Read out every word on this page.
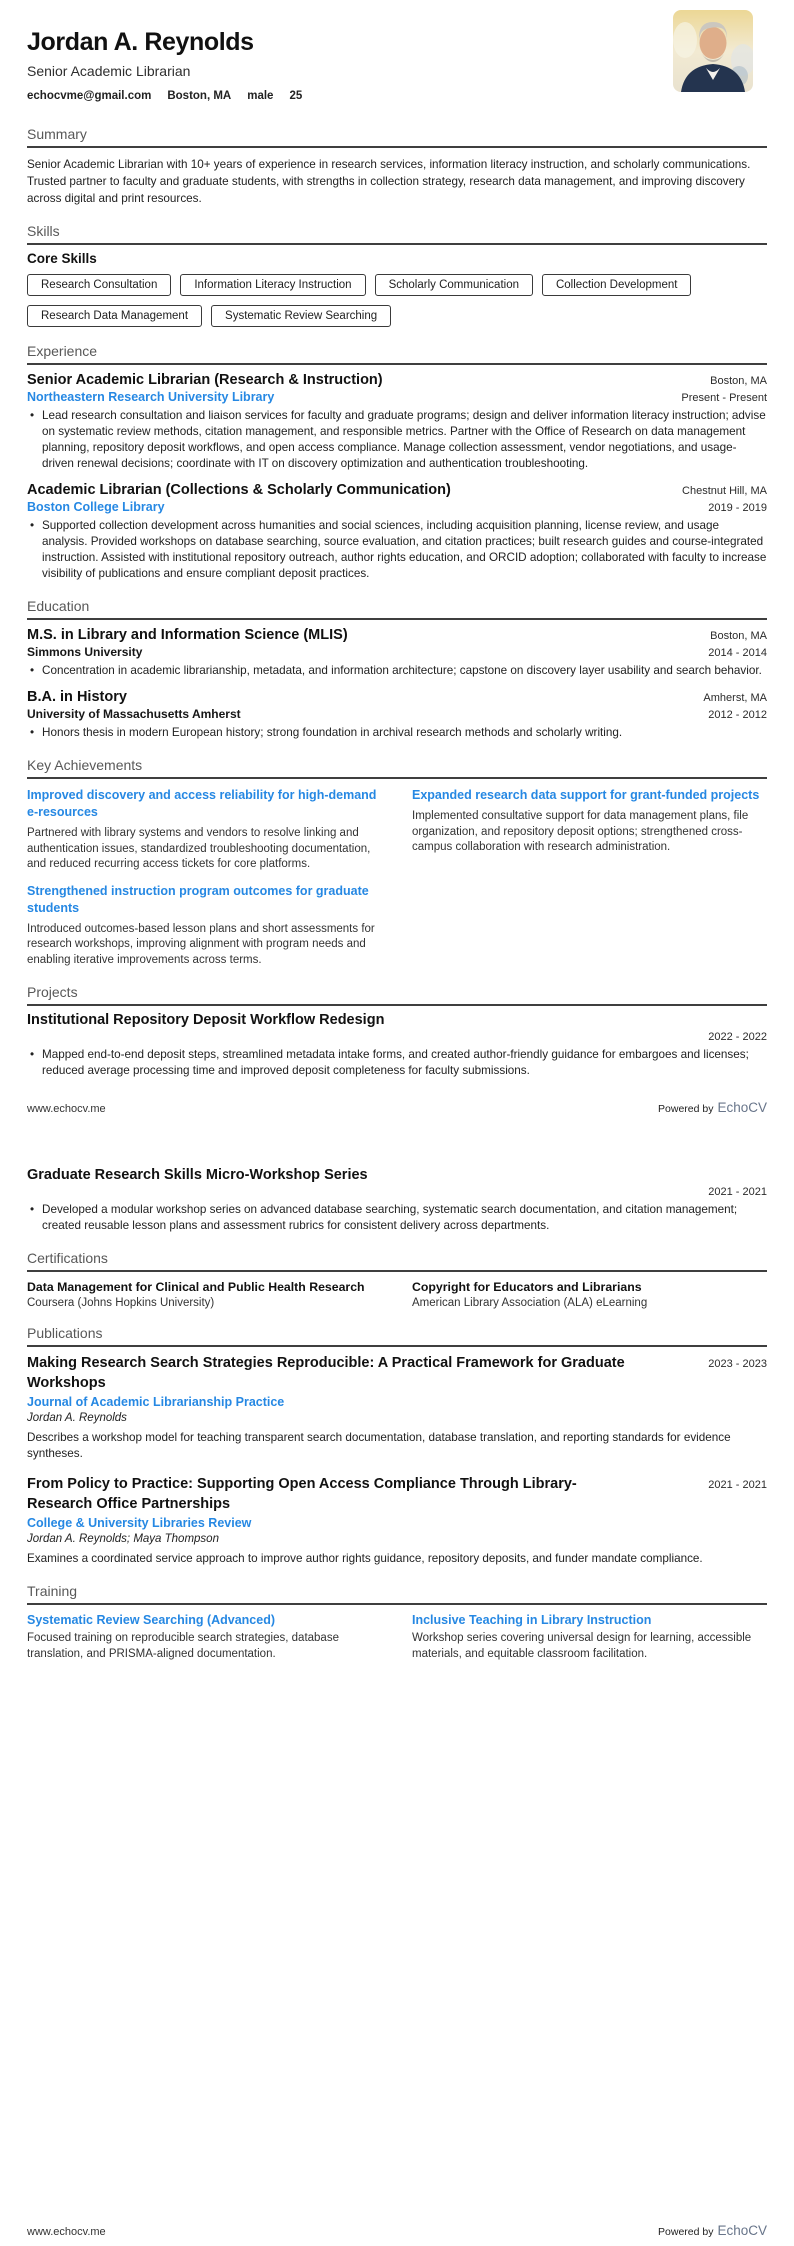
Jordan A. Reynolds
Senior Academic Librarian
echocvme@gmail.com Boston, MA male 25
Summary

Senior Academic Librarian with 10+ years of experience in research services, information literacy instruction, and scholarly communications. Trusted partner to faculty and graduate students, with strengths in collection strategy, research data management, and improving discovery across digital and print resources.

Skills
Core Skills
Research Consultation	Information Literacy Instruction	Scholarly Communication	Collection Development
Research Data Management	Systematic Review Searching
Experience
Senior Academic Librarian (Research & Instruction)	Boston, MA
Northeastern Research University Library	Present - Present
• Lead research consultation and liaison services for faculty and graduate programs; design and deliver information literacy instruction; advise on systematic review methods, citation management, and responsible metrics. Partner with the Office of Research on data management planning, repository deposit workflows, and open access compliance. Manage collection assessment, vendor negotiations, and usage-driven renewal decisions; coordinate with IT on discovery optimization and authentication troubleshooting.
Academic Librarian (Collections & Scholarly Communication)	Chestnut Hill, MA
Boston College Library	2019 - 2019
• Supported collection development across humanities and social sciences, including acquisition planning, license review, and usage analysis. Provided workshops on database searching, source evaluation, and citation practices; built research guides and course-integrated instruction. Assisted with institutional repository outreach, author rights education, and ORCID adoption; collaborated with faculty to increase visibility of publications and ensure compliant deposit practices.
Education
M.S. in Library and Information Science (MLIS)	Boston, MA
Simmons University	2014 - 2014
• Concentration in academic librarianship, metadata, and information architecture; capstone on discovery layer usability and search behavior.
B.A. in History	Amherst, MA
University of Massachusetts Amherst	2012 - 2012
• Honors thesis in modern European history; strong foundation in archival research methods and scholarly writing.
Key Achievements
Improved discovery and access reliability for high-demand e-resources
Partnered with library systems and vendors to resolve linking and authentication issues, standardized troubleshooting documentation, and reduced recurring access tickets for core platforms.
Expanded research data support for grant-funded projects
Implemented consultative support for data management plans, file organization, and repository deposit options; strengthened cross-campus collaboration with research administration.
Strengthened instruction program outcomes for graduate students
Introduced outcomes-based lesson plans and short assessments for research workshops, improving alignment with program needs and enabling iterative improvements across terms.
Projects
Institutional Repository Deposit Workflow Redesign
2022 - 2022
• Mapped end-to-end deposit steps, streamlined metadata intake forms, and created author-friendly guidance for embargoes and licenses; reduced average processing time and improved deposit completeness for faculty submissions.
www.echocv.me	Powered by EchoCV
Graduate Research Skills Micro-Workshop Series
2021 - 2021
• Developed a modular workshop series on advanced database searching, systematic search documentation, and citation management; created reusable lesson plans and assessment rubrics for consistent delivery across departments.
Certifications
Data Management for Clinical and Public Health Research
Coursera (Johns Hopkins University)
Copyright for Educators and Librarians
American Library Association (ALA) eLearning
Publications
Making Research Search Strategies Reproducible: A Practical Framework for Graduate Workshops
2023 - 2023
Journal of Academic Librarianship Practice
Jordan A. Reynolds
Describes a workshop model for teaching transparent search documentation, database translation, and reporting standards for evidence syntheses.
From Policy to Practice: Supporting Open Access Compliance Through Library-Research Office Partnerships
2021 - 2021
College & University Libraries Review
Jordan A. Reynolds; Maya Thompson
Examines a coordinated service approach to improve author rights guidance, repository deposits, and funder mandate compliance.
Training
Systematic Review Searching (Advanced)
Focused training on reproducible search strategies, database translation, and PRISMA-aligned documentation.
Inclusive Teaching in Library Instruction
Workshop series covering universal design for learning, accessible materials, and equitable classroom facilitation.
www.echocv.me	Powered by EchoCV
